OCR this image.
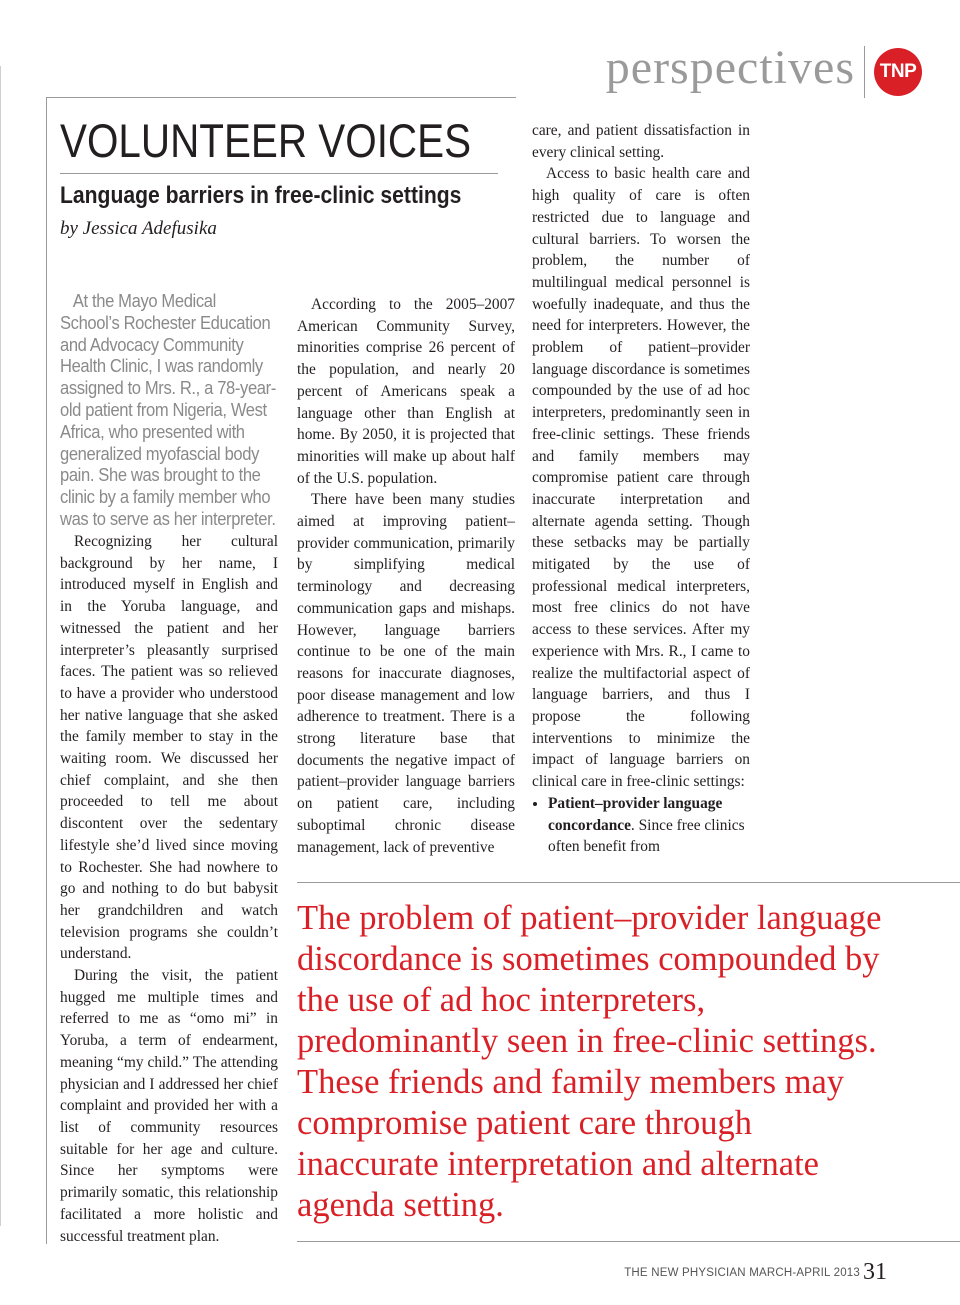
perspectives	TNP
VOLUNTEER VOICES
Language barriers in free-clinic settings
by Jessica Adefusika

At the Mayo Medical School’s Rochester Education and Advocacy Community Health Clinic, I was randomly assigned to Mrs. R., a 78-year-old patient from Nigeria, West Africa, who presented with generalized myofascial body pain. She was brought to the clinic by a family member who was to serve as her interpreter.

Recognizing her cultural background by her name, I introduced myself in English and in the Yoruba language, and witnessed the patient and her interpreter’s pleasantly surprised faces. The patient was so relieved to have a provider who understood her native language that she asked the family member to stay in the waiting room. We discussed her chief complaint, and she then proceeded to tell me about discontent over the sedentary lifestyle she’d lived since moving to Rochester. She had nowhere to go and nothing to do but babysit her grandchildren and watch television programs she couldn’t understand.

During the visit, the patient hugged me multiple times and referred to me as “omo mi” in Yoruba, a term of endearment, meaning “my child.” The attending physician and I addressed her chief complaint and provided her with a list of community resources suitable for her age and culture. Since her symptoms were primarily somatic, this relationship facilitated a more holistic and successful treatment plan.

According to the 2005–2007 American Community Survey, minorities comprise 26 percent of the population, and nearly 20 percent of Americans speak a language other than English at home. By 2050, it is projected that minorities will make up about half of the U.S. population.

There have been many studies aimed at improving patient–provider communication, primarily by simplifying medical terminology and decreasing communication gaps and mishaps. However, language barriers continue to be one of the main reasons for inaccurate diagnoses, poor disease management and low adherence to treatment. There is a strong literature base that documents the negative impact of patient–provider language barriers on patient care, including suboptimal chronic disease management, lack of preventive

care, and patient dissatisfaction in every clinical setting.

Access to basic health care and high quality of care is often restricted due to language and cultural barriers. To worsen the problem, the number of multilingual medical personnel is woefully inadequate, and thus the need for interpreters. However, the problem of patient–provider language discordance is sometimes compounded by the use of ad hoc interpreters, predominantly seen in free-clinic settings. These friends and family members may compromise patient care through inaccurate interpretation and alternate agenda setting. Though these setbacks may be partially mitigated by the use of professional medical interpreters, most free clinics do not have access to these services. After my experience with Mrs. R., I came to realize the multifactorial aspect of language barriers, and thus I propose the following interventions to minimize the impact of language barriers on clinical care in free-clinic settings:

• Patient–provider language concordance. Since free clinics often benefit from

The problem of patient–provider language discordance is sometimes compounded by the use of ad hoc interpreters, predominantly seen in free-clinic settings. These friends and family members may compromise patient care through inaccurate interpretation and alternate agenda setting.

THE NEW PHYSICIAN MARCH-APRIL 2013 31
